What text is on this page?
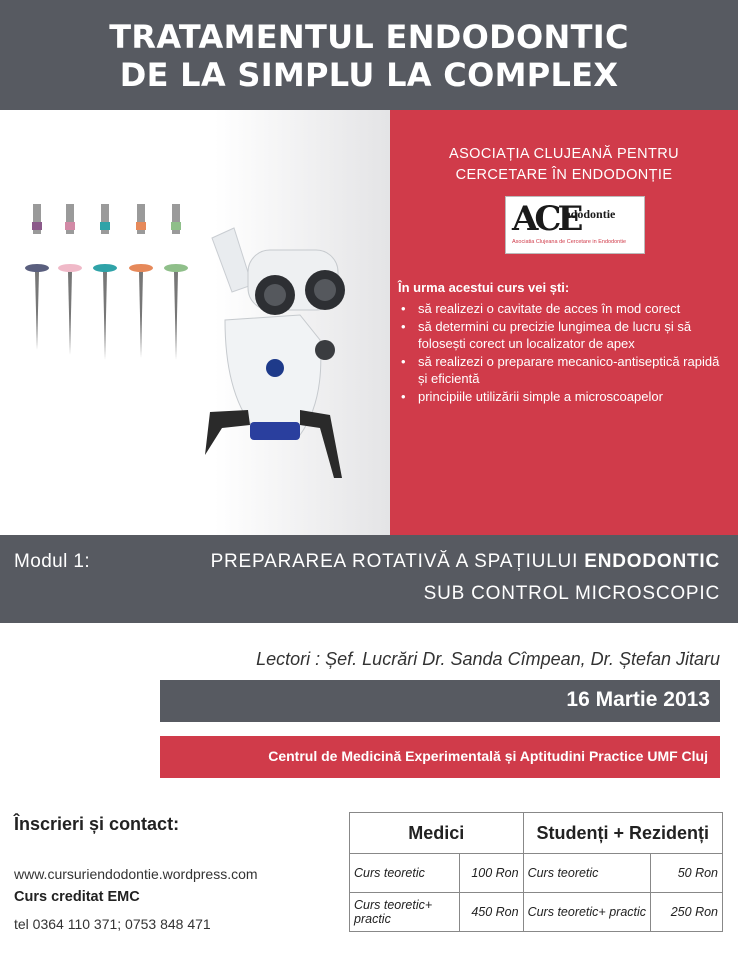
TRATAMENTUL ENDODONTIC
DE LA SIMPLU LA COMPLEX
ASOCIAȚIA CLUJEANĂ PENTRU
CERCETARE ÎN ENDODONȚIE
ACE
ndodontie
Asociatia Clujeana de Cercetare in Endodontie
În urma acestui curs vei ști:
• să realizezi o cavitate de acces în mod corect
• să determini cu precizie lungimea de lucru și să folosești corect un localizator de apex
• să realizezi o preparare mecanico-antiseptică rapidă și eficientă
• principiile utilizării simple a microscoapelor
Modul 1:	PREPARAREA ROTATIVĂ A SPAȚIULUI ENDODONTIC
SUB CONTROL MICROSCOPIC
Lectori : Șef. Lucrări Dr. Sanda Cîmpean, Dr. Ștefan Jitaru
16 Martie 2013
Centrul de Medicină Experimentală și Aptitudini Practice UMF Cluj
Înscrieri și contact:
www.cursuriendodontie.wordpress.com
Curs creditat EMC
tel 0364 110 371; 0753 848 471
Medici		Studenți + Rezidenți	
Curs teoretic	100 Ron	Curs teoretic	50 Ron
Curs teoretic+ practic	450 Ron	Curs teoretic+ practic	250 Ron
